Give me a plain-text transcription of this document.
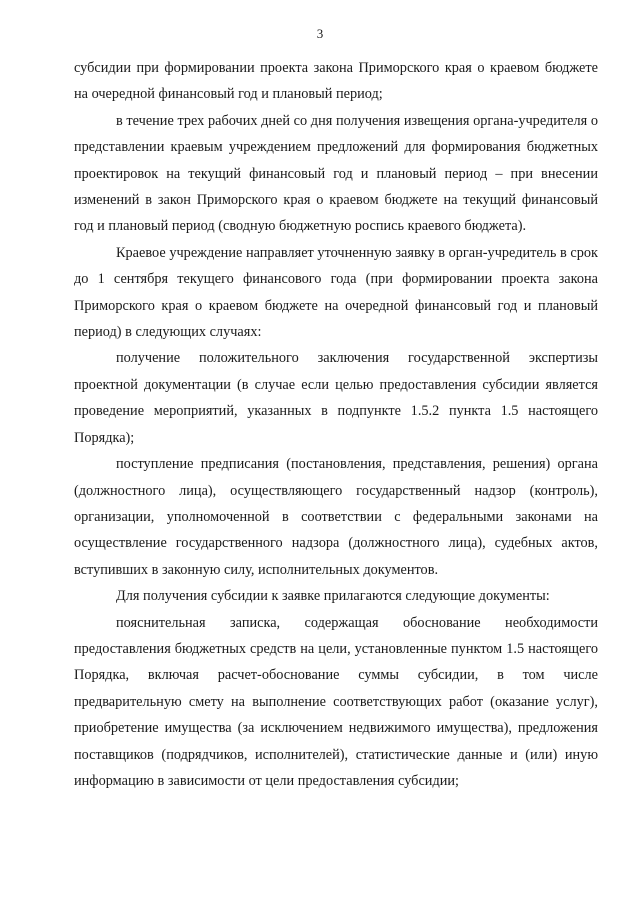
3

субсидии при формировании проекта закона Приморского края о краевом бюджете на очередной финансовый год и плановый период;

в течение трех рабочих дней со дня получения извещения органа-учредителя о представлении краевым учреждением предложений для формирования бюджетных проектировок на текущий финансовый год и плановый период – при внесении изменений в закон Приморского края о краевом бюджете на текущий финансовый год и плановый период (сводную бюджетную роспись краевого бюджета).

Краевое учреждение направляет уточненную заявку в орган-учредитель в срок до 1 сентября текущего финансового года (при формировании проекта закона Приморского края о краевом бюджете на очередной финансовый год и плановый период) в следующих случаях:

получение положительного заключения государственной экспертизы проектной документации (в случае если целью предоставления субсидии является проведение мероприятий, указанных в подпункте 1.5.2 пункта 1.5 настоящего Порядка);

поступление предписания (постановления, представления, решения) органа (должностного лица), осуществляющего государственный надзор (контроль), организации, уполномоченной в соответствии с федеральными законами на осуществление государственного надзора (должностного лица), судебных актов, вступивших в законную силу, исполнительных документов.

Для получения субсидии к заявке прилагаются следующие документы:

пояснительная записка, содержащая обоснование необходимости предоставления бюджетных средств на цели, установленные пунктом 1.5 настоящего Порядка, включая расчет-обоснование суммы субсидии, в том числе предварительную смету на выполнение соответствующих работ (оказание услуг), приобретение имущества (за исключением недвижимого имущества), предложения поставщиков (подрядчиков, исполнителей), статистические данные и (или) иную информацию в зависимости от цели предоставления субсидии;
